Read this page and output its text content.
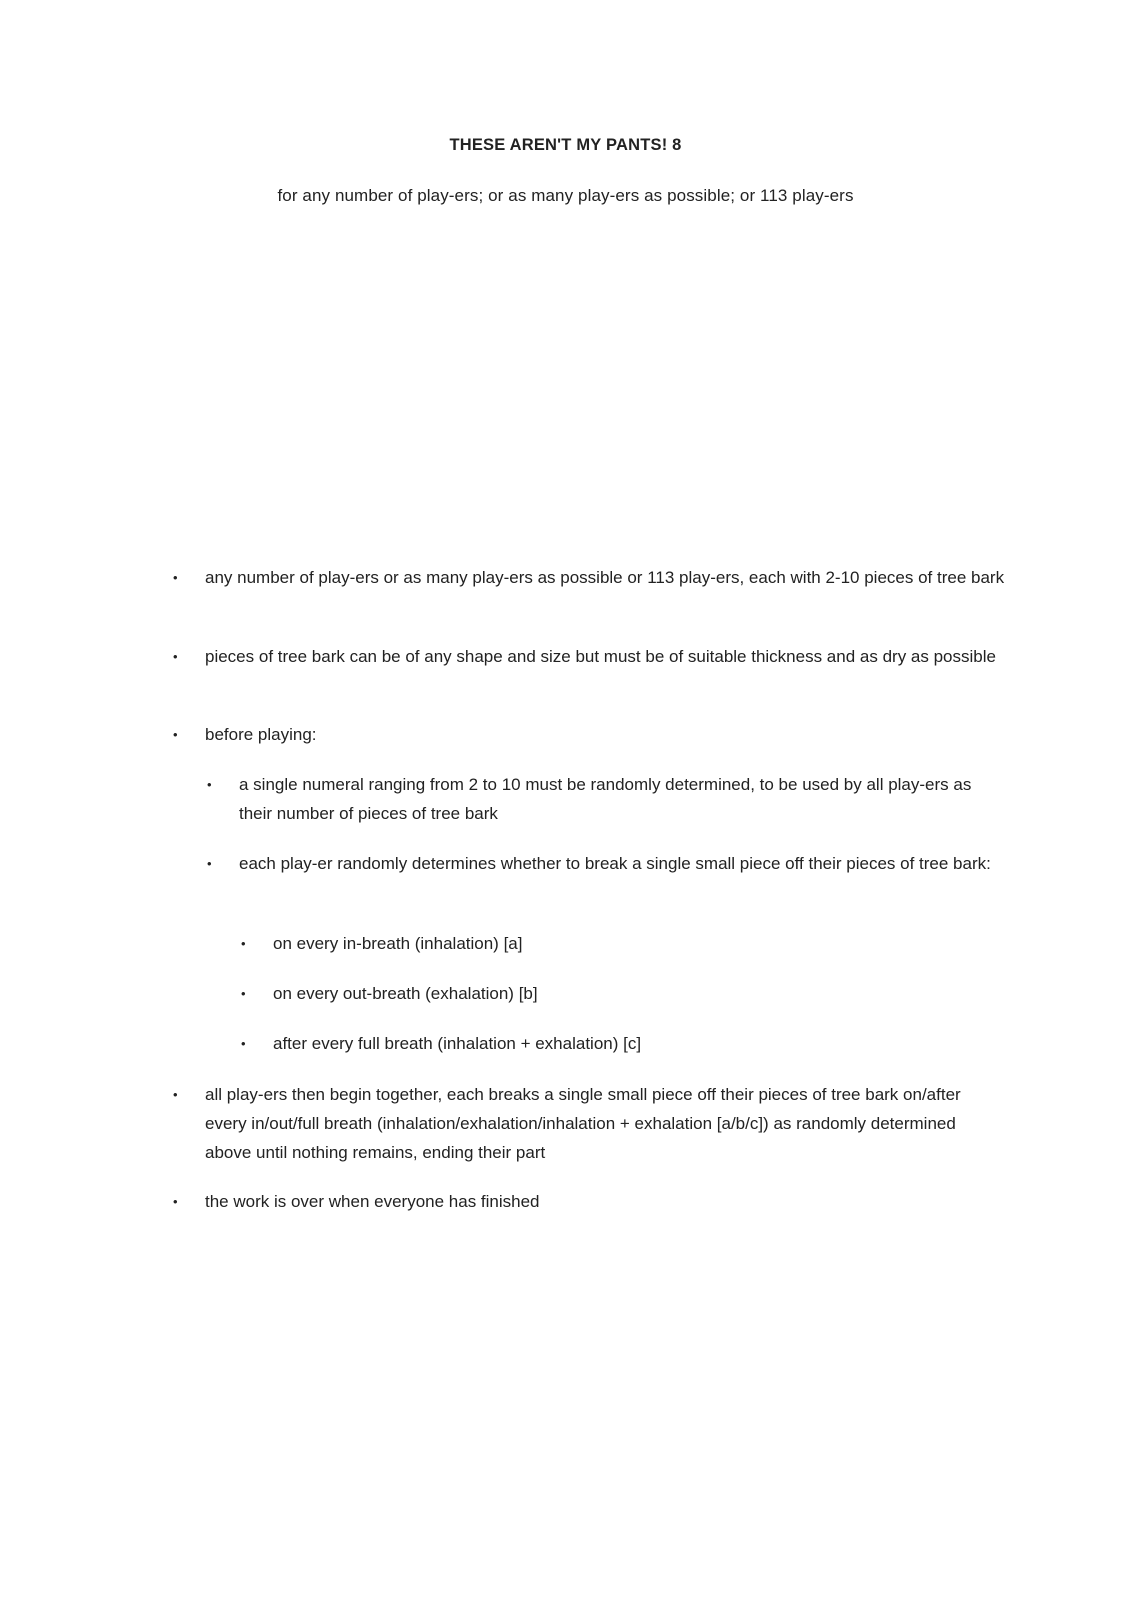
THESE AREN'T MY PANTS! 8
for any number of play-ers; or as many play-ers as possible; or 113 play-ers
• any number of play-ers or as many play-ers as possible or 113 play-ers, each with 2-10 pieces of tree bark
• pieces of tree bark can be of any shape and size but must be of suitable thickness and as dry as possible
• before playing:
• a single numeral ranging from 2 to 10 must be randomly determined, to be used by all play-ers as their number of pieces of tree bark
• each play-er randomly determines whether to break a single small piece off their pieces of tree bark:
• on every in-breath (inhalation) [a]
• on every out-breath (exhalation) [b]
• after every full breath (inhalation + exhalation) [c]
• all play-ers then begin together, each breaks a single small piece off their pieces of tree bark on/after every in/out/full breath (inhalation/exhalation/inhalation + exhalation [a/b/c]) as randomly determined above until nothing remains, ending their part
• the work is over when everyone has finished
